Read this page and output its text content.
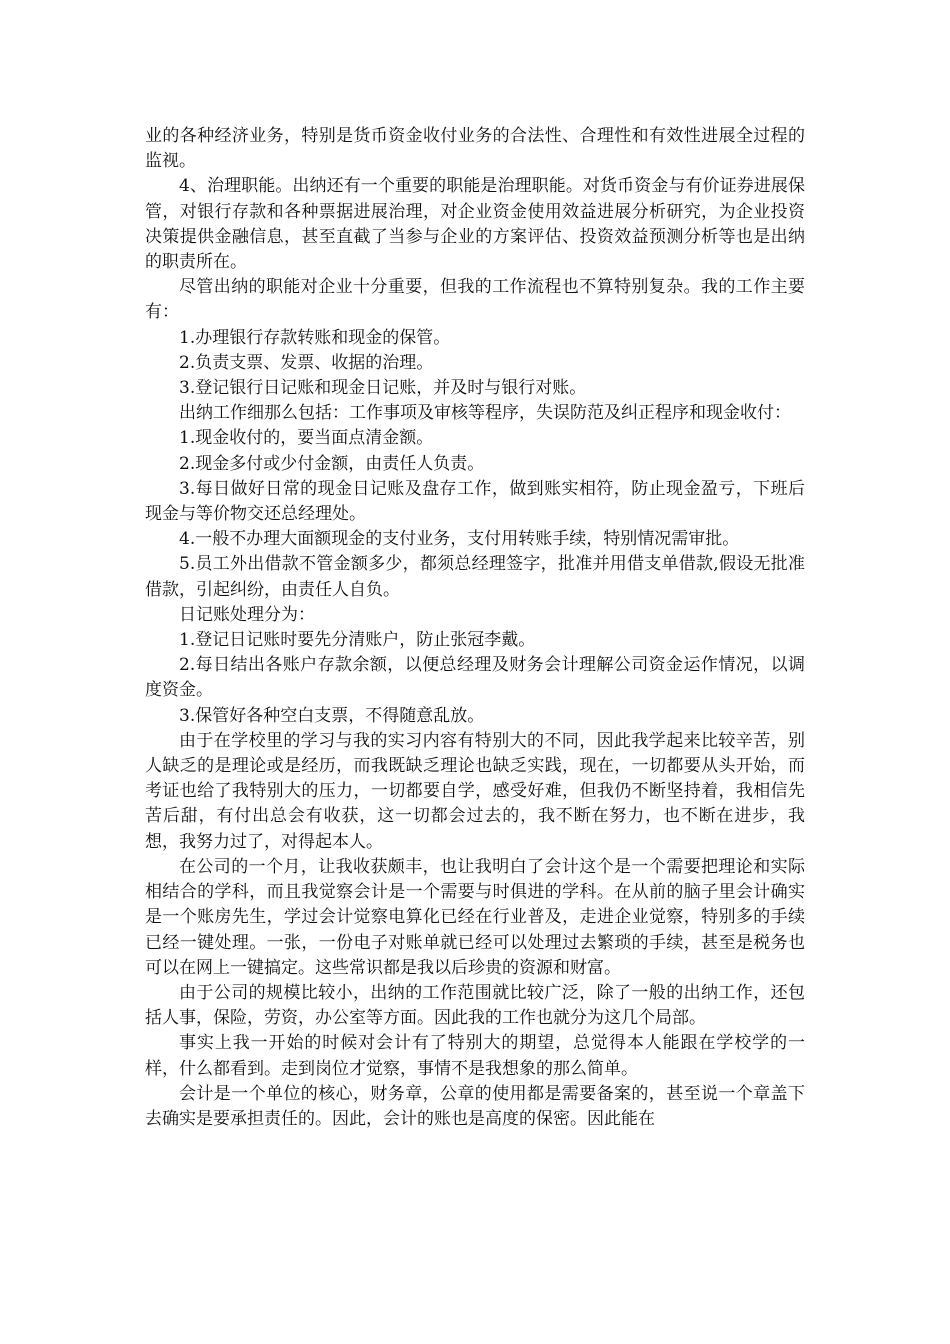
业的各种经济业务，特别是货币资金收付业务的合法性、合理性和有效性进展全过程的监视。

4、治理职能。出纳还有一个重要的职能是治理职能。对货币资金与有价证券进展保管，对银行存款和各种票据进展治理，对企业资金使用效益进展分析研究，为企业投资决策提供金融信息，甚至直截了当参与企业的方案评估、投资效益预测分析等也是出纳的职责所在。

尽管出纳的职能对企业十分重要，但我的工作流程也不算特别复杂。我的工作主要有：

1.办理银行存款转账和现金的保管。

2.负责支票、发票、收据的治理。

3.登记银行日记账和现金日记账，并及时与银行对账。

出纳工作细那么包括：工作事项及审核等程序，失误防范及纠正程序和现金收付：

1.现金收付的，要当面点清金额。

2.现金多付或少付金额，由责任人负责。

3.每日做好日常的现金日记账及盘存工作，做到账实相符，防止现金盈亏，下班后现金与等价物交还总经理处。

4.一般不办理大面额现金的支付业务，支付用转账手续，特别情况需审批。

5.员工外出借款不管金额多少，都须总经理签字，批准并用借支单借款,假设无批准借款，引起纠纷，由责任人自负。

日记账处理分为：

1.登记日记账时要先分清账户，防止张冠李戴。

2.每日结出各账户存款余额，以便总经理及财务会计理解公司资金运作情况，以调度资金。

3.保管好各种空白支票，不得随意乱放。

由于在学校里的学习与我的实习内容有特别大的不同，因此我学起来比较辛苦，别人缺乏的是理论或是经历，而我既缺乏理论也缺乏实践，现在，一切都要从头开始，而考证也给了我特别大的压力，一切都要自学，感受好难，但我仍不断坚持着，我相信先苦后甜，有付出总会有收获，这一切都会过去的，我不断在努力，也不断在进步，我想，我努力过了，对得起本人。

在公司的一个月，让我收获颇丰，也让我明白了会计这个是一个需要把理论和实际相结合的学科，而且我觉察会计是一个需要与时俱进的学科。在从前的脑子里会计确实是一个账房先生，学过会计觉察电算化已经在行业普及，走进企业觉察，特别多的手续已经一键处理。一张，一份电子对账单就已经可以处理过去繁琐的手续，甚至是税务也可以在网上一键搞定。这些常识都是我以后珍贵的资源和财富。

由于公司的规模比较小，出纳的工作范围就比较广泛，除了一般的出纳工作，还包括人事，保险，劳资，办公室等方面。因此我的工作也就分为这几个局部。

事实上我一开始的时候对会计有了特别大的期望，总觉得本人能跟在学校学的一样，什么都看到。走到岗位才觉察，事情不是我想象的那么简单。

会计是一个单位的核心，财务章，公章的使用都是需要备案的，甚至说一个章盖下去确实是要承担责任的。因此，会计的账也是高度的保密。因此能在
